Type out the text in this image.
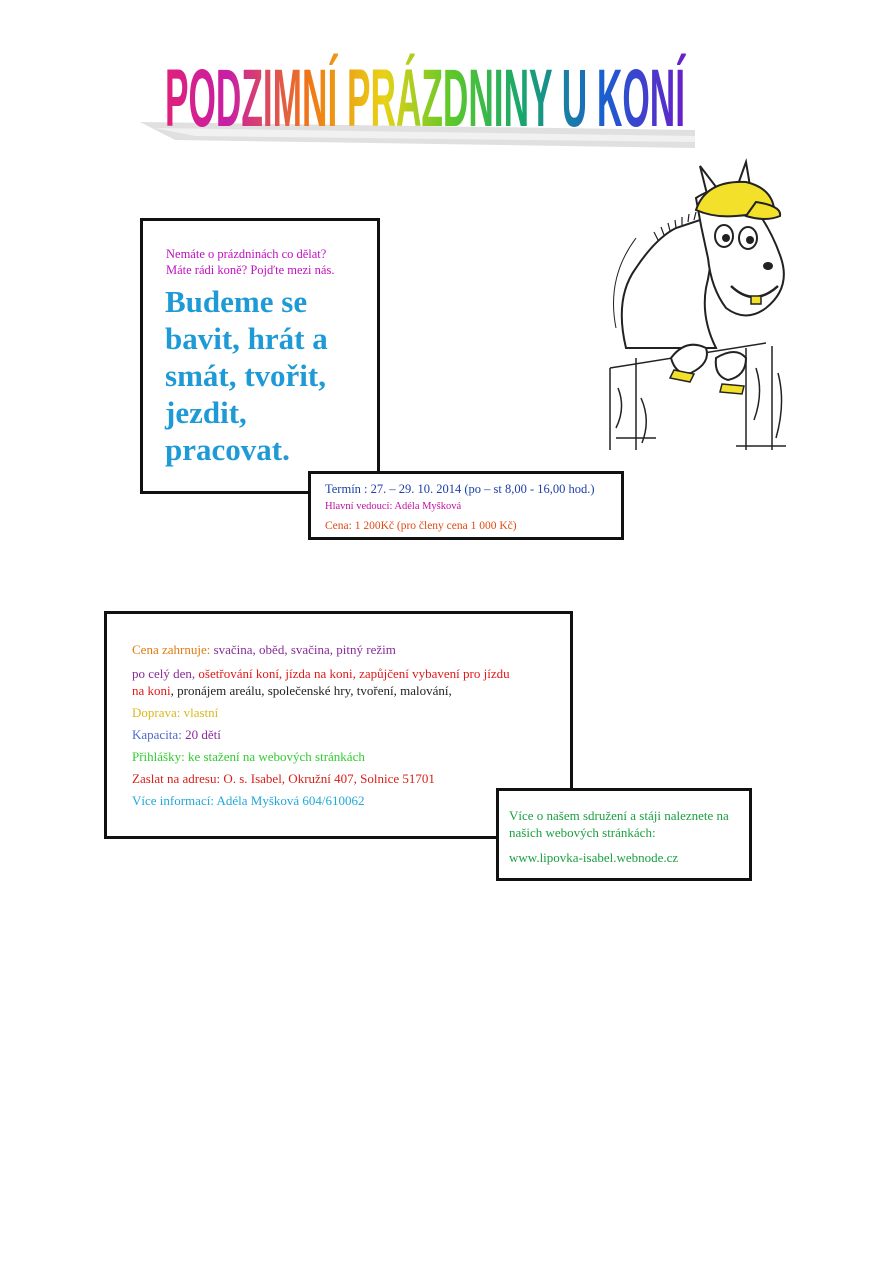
PODZIMNÍ PRÁZDNINY U KONÍ
Nemáte o prázdninách co dělat?
Máte rádi koně? Pojďte mezi nás.
Budeme se
bavit, hrát a
smát, tvořit,
jezdit,
pracovat.
Termín : 27. – 29. 10. 2014 (po – st 8,00 - 16,00 hod.)
Hlavní vedoucí: Adéla Myšková
Cena: 1 200Kč (pro členy cena 1 000 Kč)
Cena zahrnuje: svačina, oběd, svačina, pitný režim
po celý den, ošetřování koní, jízda na koni, zapůjčení vybavení pro jízdu
na koni, pronájem areálu, společenské hry, tvoření, malování,
Doprava: vlastní
Kapacita: 20 dětí
Přihlášky: ke stažení na webových stránkách
Zaslat na adresu: O. s. Isabel, Okružní 407, Solnice 51701
Více informací: Adéla Myšková 604/610062
Více o našem sdružení a stáji naleznete na
našich webových stránkách:
www.lipovka-isabel.webnode.cz
